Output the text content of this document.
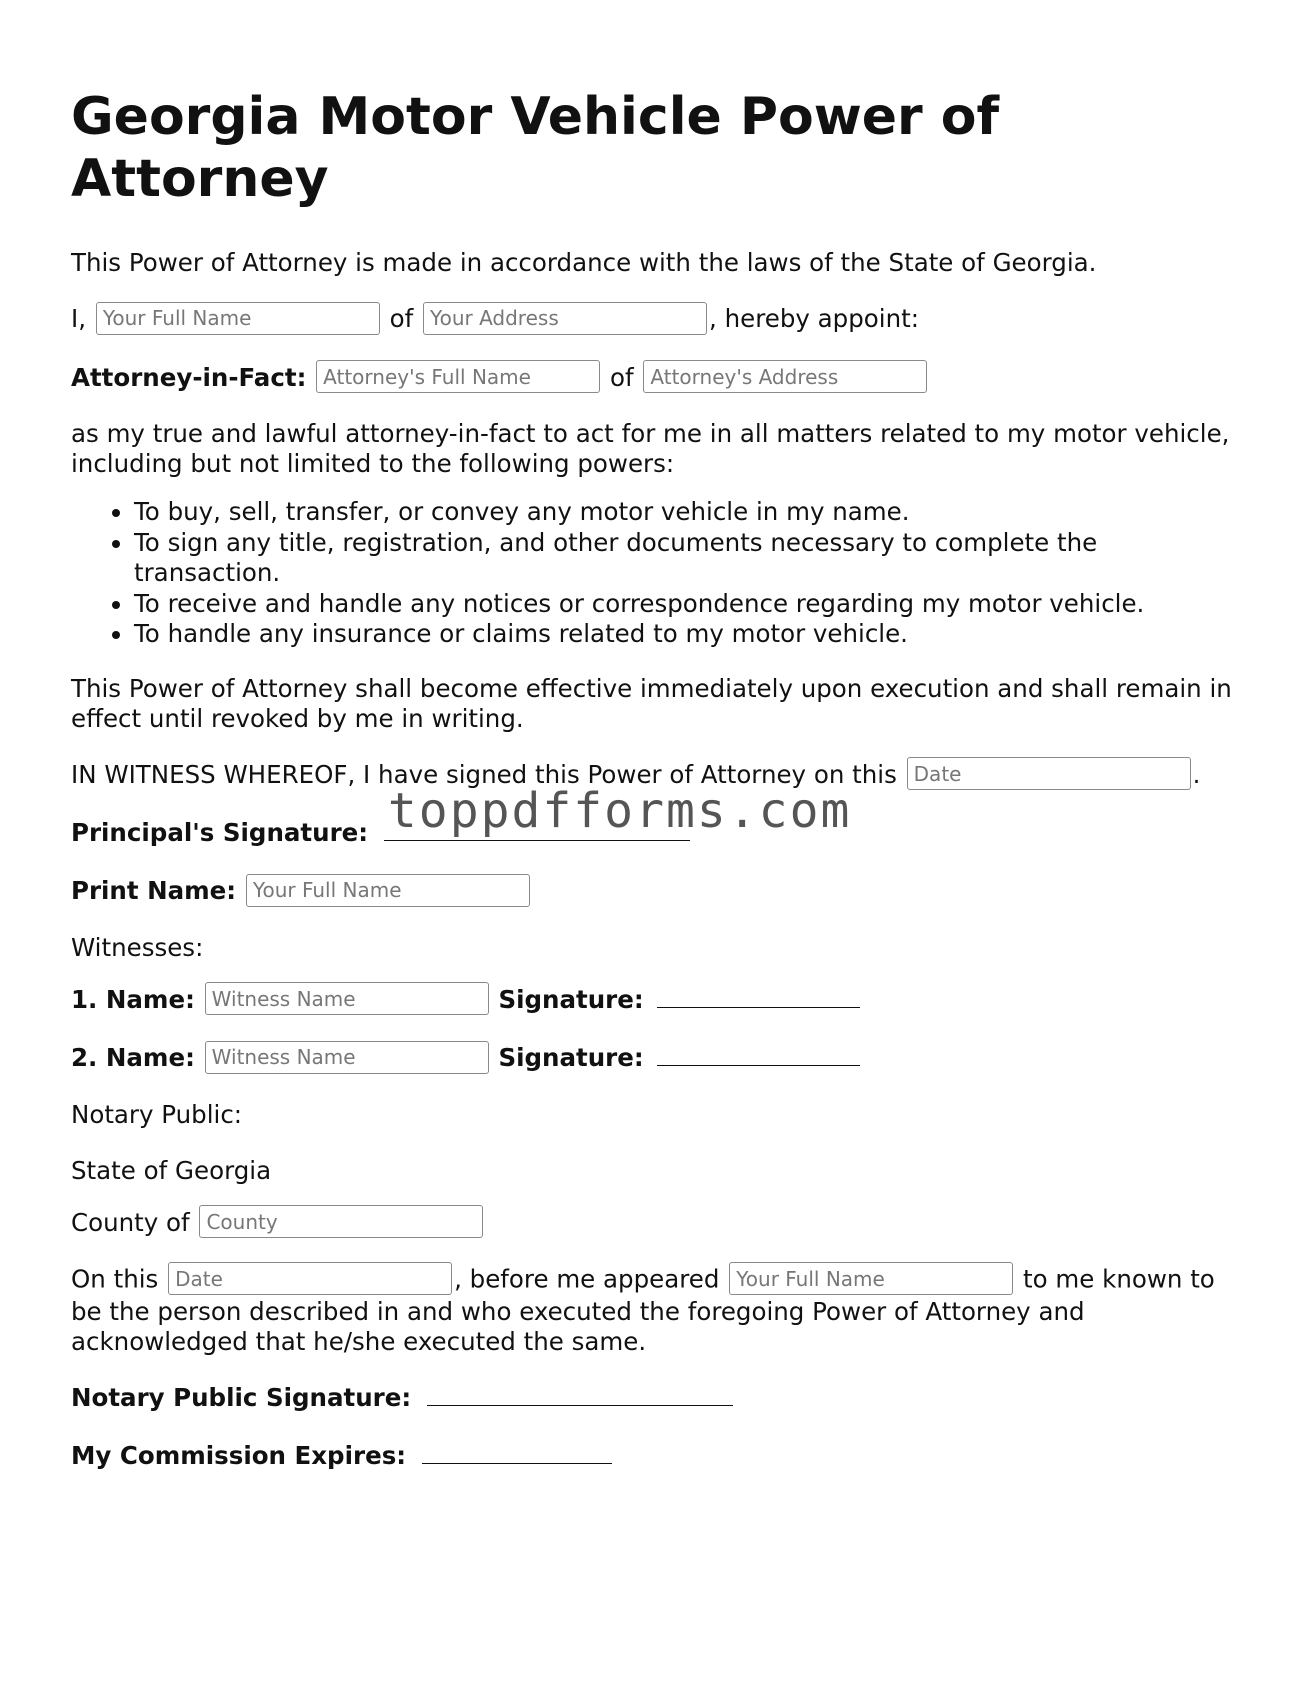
Georgia Motor Vehicle Power of Attorney

This Power of Attorney is made in accordance with the laws of the State of Georgia.

I, Your Full Name	of Your Address	, hereby appoint:
Attorney-in-Fact: Attorney's Full Name	of Attorney's Address

as my true and lawful attorney-in-fact to act for me in all matters related to my motor vehicle, including but not limited to the following powers:

• To buy, sell, transfer, or convey any motor vehicle in my name.
• To sign any title, registration, and other documents necessary to complete the transaction.
• To receive and handle any notices or correspondence regarding my motor vehicle.
• To handle any insurance or claims related to my motor vehicle.

This Power of Attorney shall become effective immediately upon execution and shall remain in effect until revoked by me in writing.

IN WITNESS WHEREOF, I have signed this Power of Attorney on this Date	.
Principal's Signature: toppdfforms.com
Print Name: Your Full Name

Witnesses:

1. Name: Witness Name	Signature:
2. Name: Witness Name	Signature:

Notary Public:

State of Georgia

County of County
On this Date	, before me appeared Your Full Name	to me known to be the person described in and who executed the foregoing Power of Attorney and acknowledged that he/she executed the same.
Notary Public Signature:
My Commission Expires:
